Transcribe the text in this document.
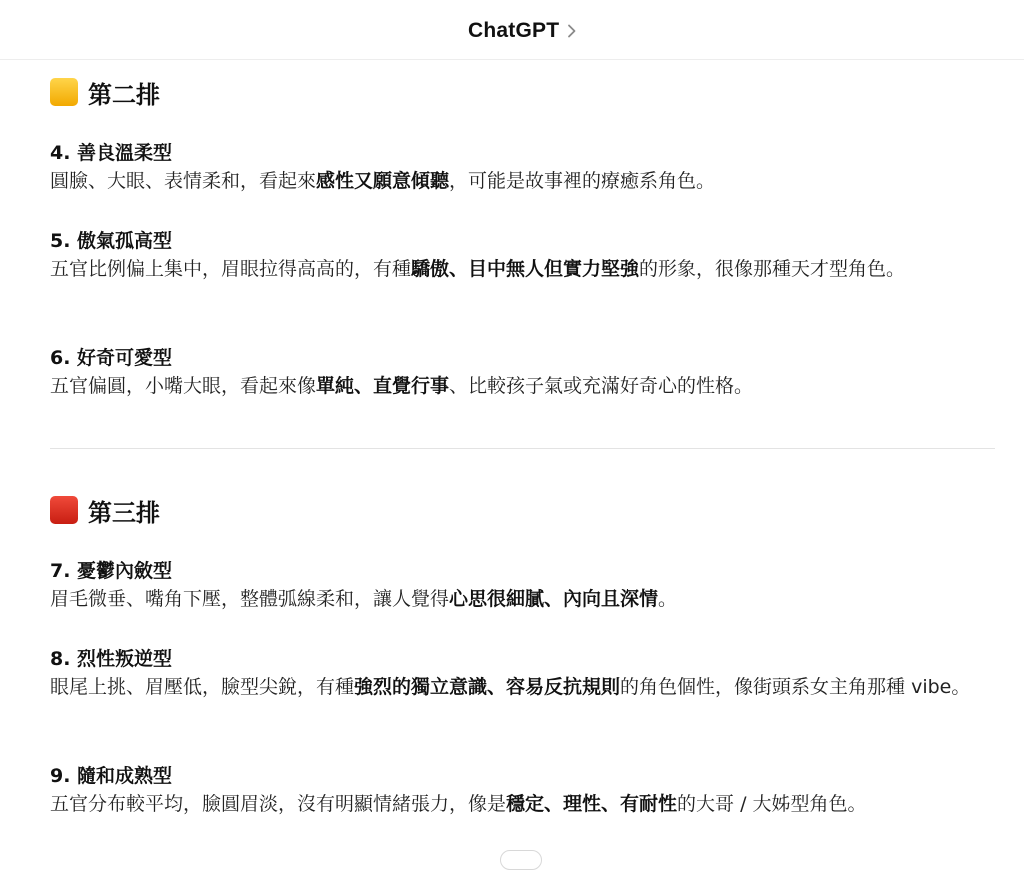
ChatGPT
第二排
4. 善良溫柔型
圓臉、大眼、表情柔和，看起來感性又願意傾聽，可能是故事裡的療癒系角色。
5. 傲氣孤高型
五官比例偏上集中，眉眼拉得高高的，有種驕傲、目中無人但實力堅強的形象，很像那種天才型角色。
6. 好奇可愛型
五官偏圓，小嘴大眼，看起來像單純、直覺行事、比較孩子氣或充滿好奇心的性格。
第三排
7. 憂鬱內斂型
眉毛微垂、嘴角下壓，整體弧線柔和，讓人覺得心思很細膩、內向且深情。
8. 烈性叛逆型
眼尾上挑、眉壓低，臉型尖銳，有種強烈的獨立意識、容易反抗規則的角色個性，像街頭系女主角那種 vibe。
9. 隨和成熟型
五官分布較平均，臉圓眉淡，沒有明顯情緒張力，像是穩定、理性、有耐性的大哥 / 大姊型角色。
